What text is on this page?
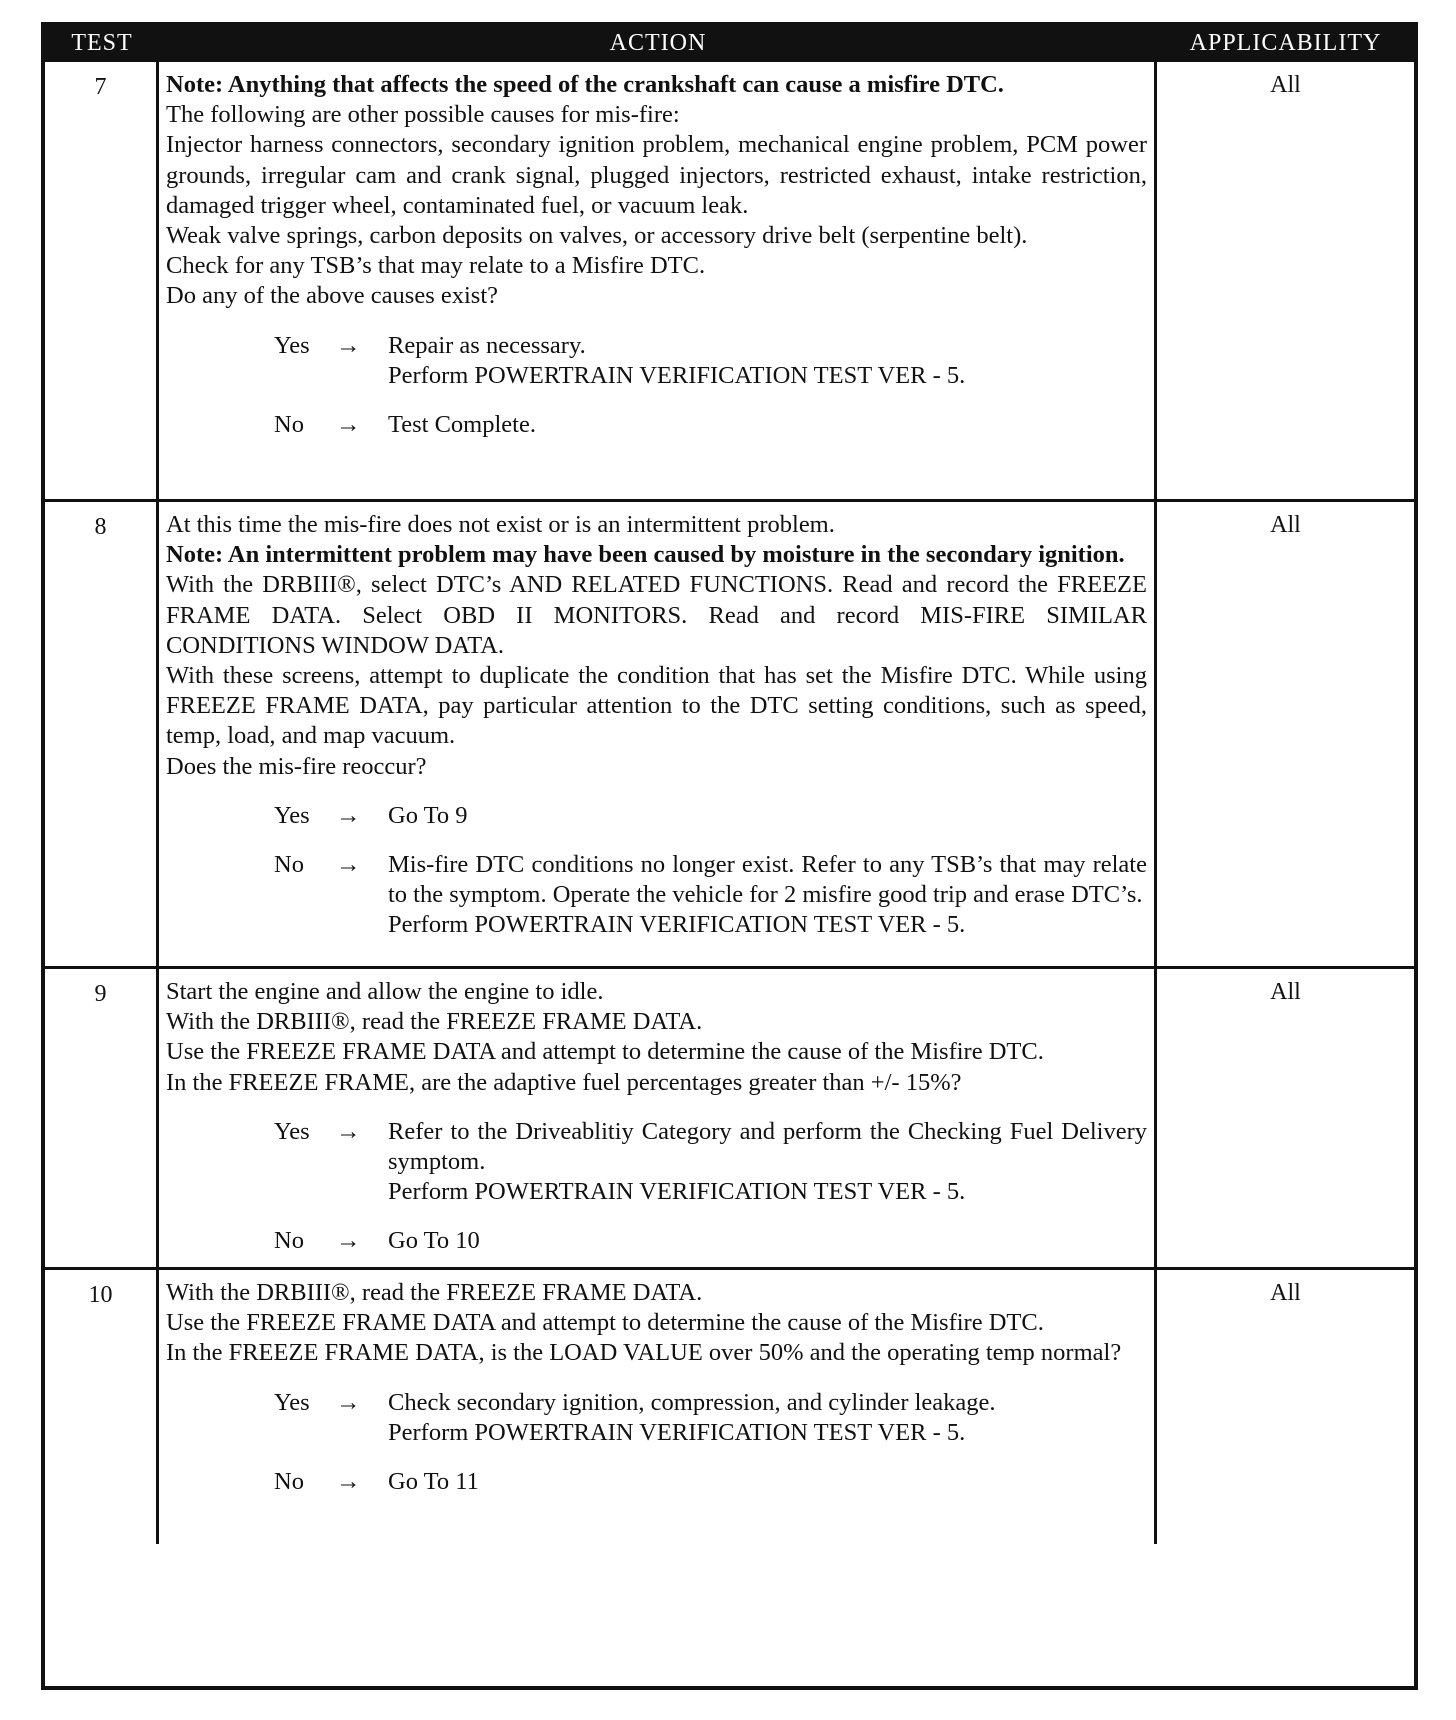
TEST	ACTION	APPLICABILITY
7	Note: Anything that affects the speed of the crankshaft can cause a misfire DTC.

The following are other possible causes for mis-fire:

Injector harness connectors, secondary ignition problem, mechanical engine problem, PCM power grounds, irregular cam and crank signal, plugged injectors, restricted exhaust, intake restriction, damaged trigger wheel, contaminated fuel, or vacuum leak.

Weak valve springs, carbon deposits on valves, or accessory drive belt (serpentine belt).

Check for any TSB’s that may relate to a Misfire DTC.

Do any of the above causes exist?

Yes	→	Repair as necessary.
Perform POWERTRAIN VERIFICATION TEST VER - 5.
No	→	Test Complete.
All
8	At this time the mis-fire does not exist or is an intermittent problem.

Note: An intermittent problem may have been caused by moisture in the secondary ignition.

With the DRBIII®, select DTC’s AND RELATED FUNCTIONS. Read and record the FREEZE FRAME DATA. Select OBD II MONITORS. Read and record MIS-FIRE SIMILAR CONDITIONS WINDOW DATA.

With these screens, attempt to duplicate the condition that has set the Misfire DTC. While using FREEZE FRAME DATA, pay particular attention to the DTC setting conditions, such as speed, temp, load, and map vacuum.

Does the mis-fire reoccur?

Yes	→	Go To 9
No	→	Mis-fire DTC conditions no longer exist. Refer to any TSB’s that may relate to the symptom. Operate the vehicle for 2 misfire good trip and erase DTC’s.
Perform POWERTRAIN VERIFICATION TEST VER - 5.
All
9	Start the engine and allow the engine to idle.

With the DRBIII®, read the FREEZE FRAME DATA.

Use the FREEZE FRAME DATA and attempt to determine the cause of the Misfire DTC.

In the FREEZE FRAME, are the adaptive fuel percentages greater than +/- 15%?

Yes	→	Refer to the Driveablitiy Category and perform the Checking Fuel Delivery symptom.
Perform POWERTRAIN VERIFICATION TEST VER - 5.
No	→	Go To 10
All
10	With the DRBIII®, read the FREEZE FRAME DATA.

Use the FREEZE FRAME DATA and attempt to determine the cause of the Misfire DTC.

In the FREEZE FRAME DATA, is the LOAD VALUE over 50% and the operating temp normal?

Yes	→	Check secondary ignition, compression, and cylinder leakage.
Perform POWERTRAIN VERIFICATION TEST VER - 5.
No	→	Go To 11
All
